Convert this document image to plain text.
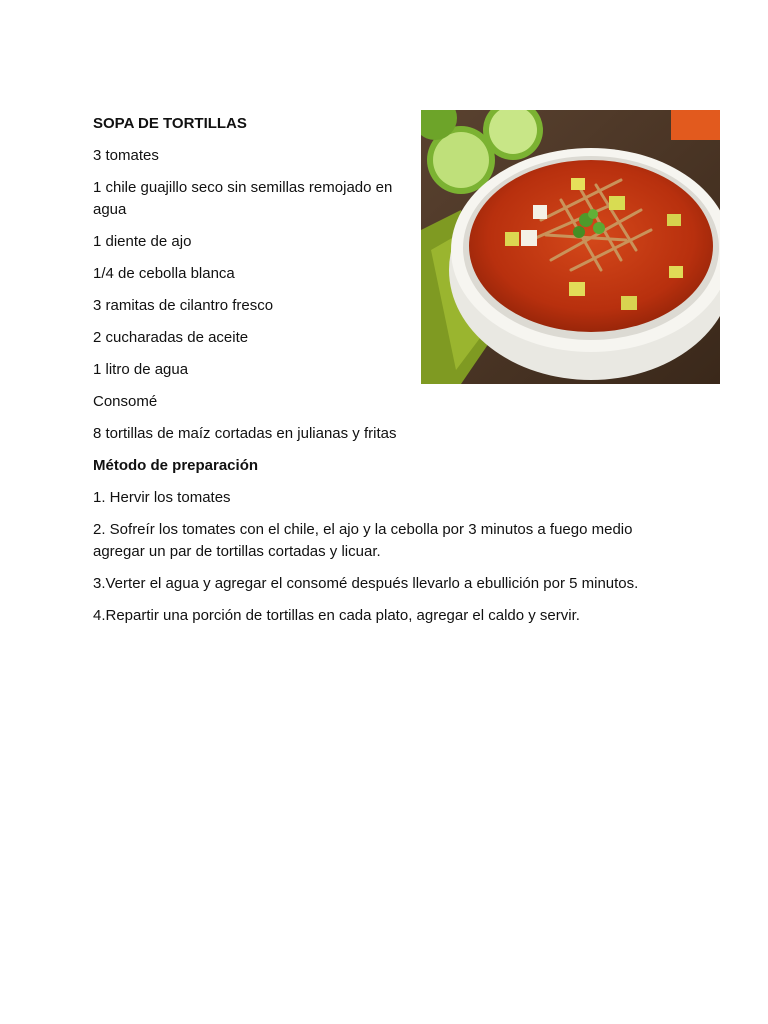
SOPA DE TORTILLAS

3 tomates

1 chile guajillo seco sin semillas remojado en agua

1 diente de ajo

1/4 de cebolla blanca

3 ramitas de cilantro fresco

2 cucharadas de aceite

1 litro de agua

Consomé

8 tortillas de maíz cortadas en julianas y fritas

Método de preparación

1. Hervir los tomates

2. Sofreír los tomates con el chile, el ajo y la cebolla por 3 minutos a fuego medio agregar un par de tortillas cortadas y licuar.

3.Verter el agua y agregar el consomé después llevarlo a ebullición por 5 minutos.

4.Repartir una porción de tortillas en cada plato, agregar el caldo y servir.
